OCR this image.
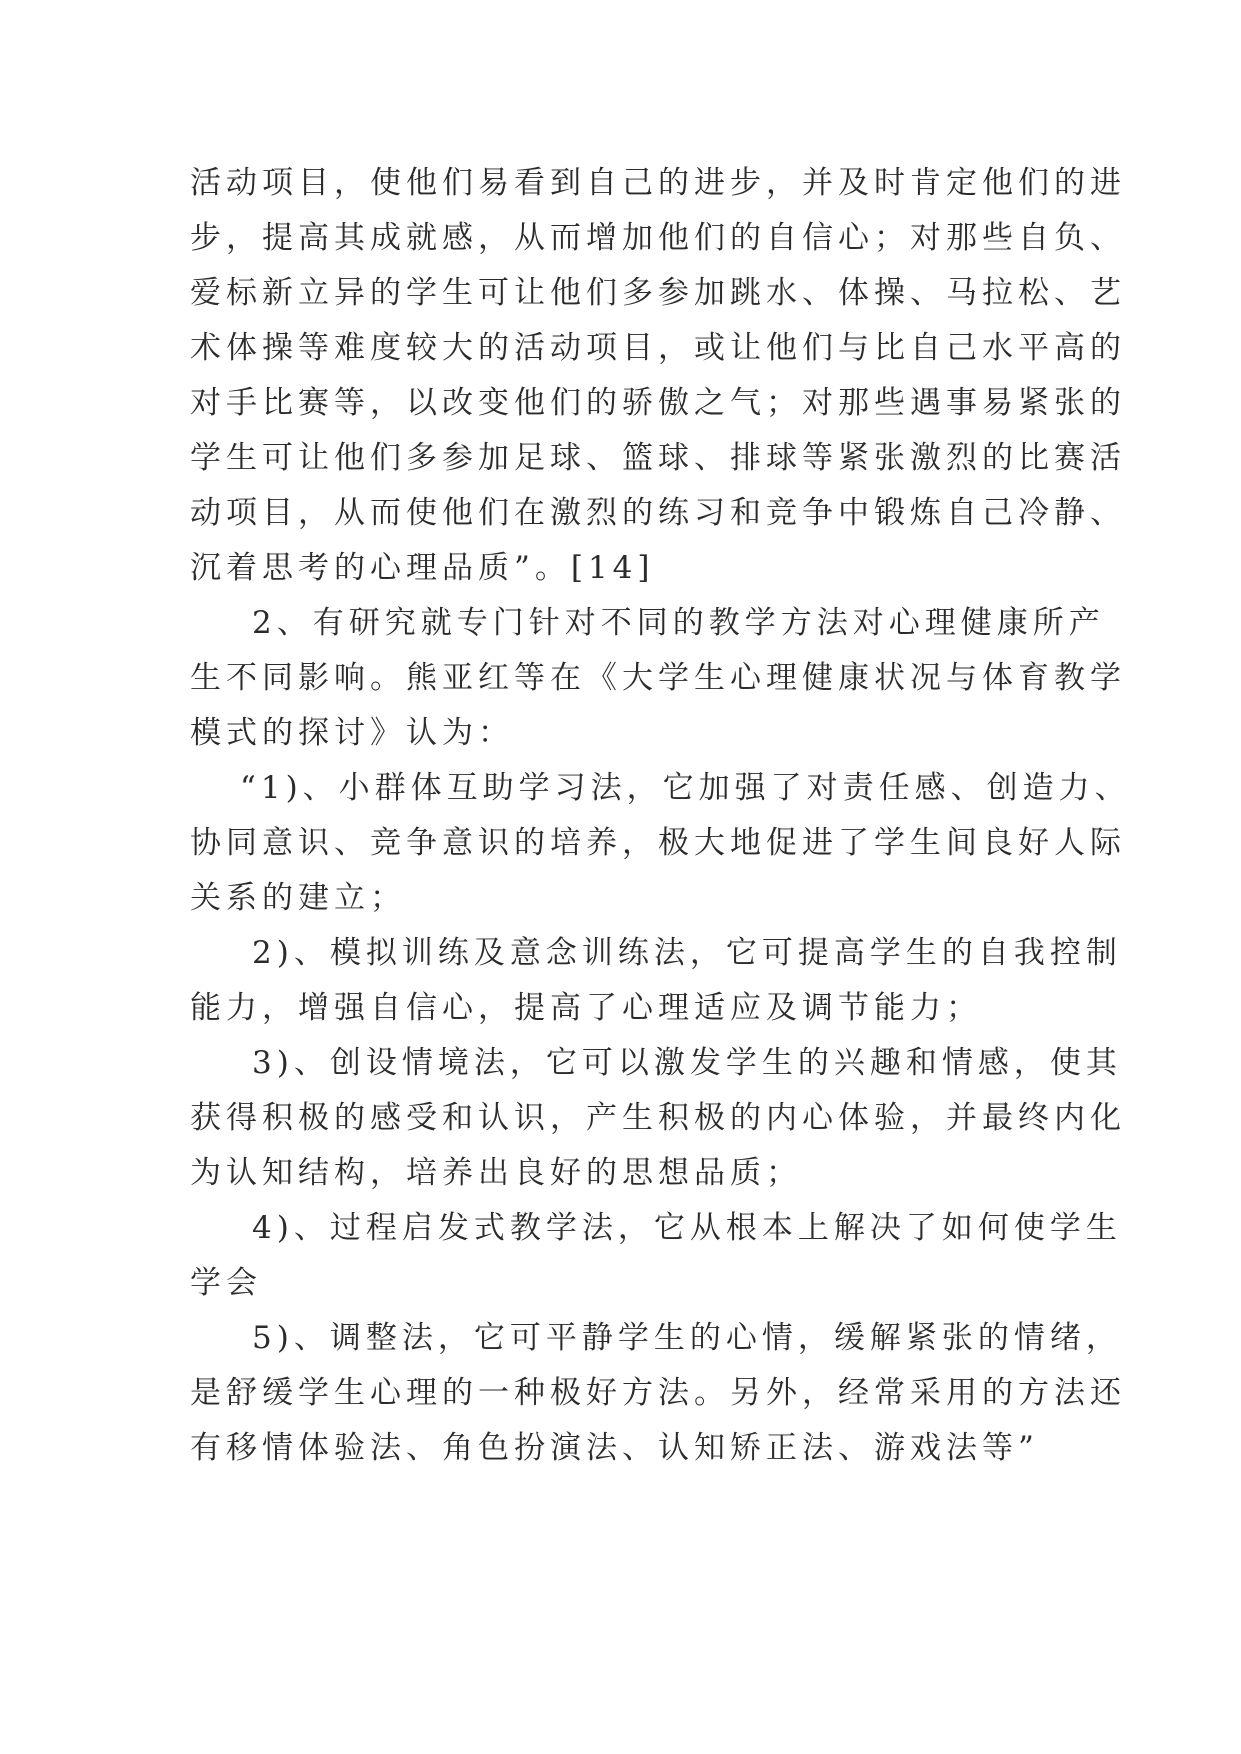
活动项目，使他们易看到自己的进步，并及时肯定他们的进
步，提高其成就感，从而增加他们的自信心；对那些自负、
爱标新立异的学生可让他们多参加跳水、体操、马拉松、艺
术体操等难度较大的活动项目，或让他们与比自己水平高的
对手比赛等，以改变他们的骄傲之气；对那些遇事易紧张的
学生可让他们多参加足球、篮球、排球等紧张激烈的比赛活
动项目，从而使他们在激烈的练习和竞争中锻炼自己冷静、
沉着思考的心理品质”。[14]
2、有研究就专门针对不同的教学方法对心理健康所产
生不同影响。熊亚红等在《大学生心理健康状况与体育教学
模式的探讨》认为：
“1)、小群体互助学习法，它加强了对责任感、创造力、
协同意识、竞争意识的培养，极大地促进了学生间良好人际
关系的建立；
2)、模拟训练及意念训练法，它可提高学生的自我控制
能力，增强自信心，提高了心理适应及调节能力；
3)、创设情境法，它可以激发学生的兴趣和情感，使其
获得积极的感受和认识，产生积极的内心体验，并最终内化
为认知结构，培养出良好的思想品质；
4)、过程启发式教学法，它从根本上解决了如何使学生
学会
5)、调整法，它可平静学生的心情，缓解紧张的情绪，
是舒缓学生心理的一种极好方法。另外，经常采用的方法还
有移情体验法、角色扮演法、认知矫正法、游戏法等”
